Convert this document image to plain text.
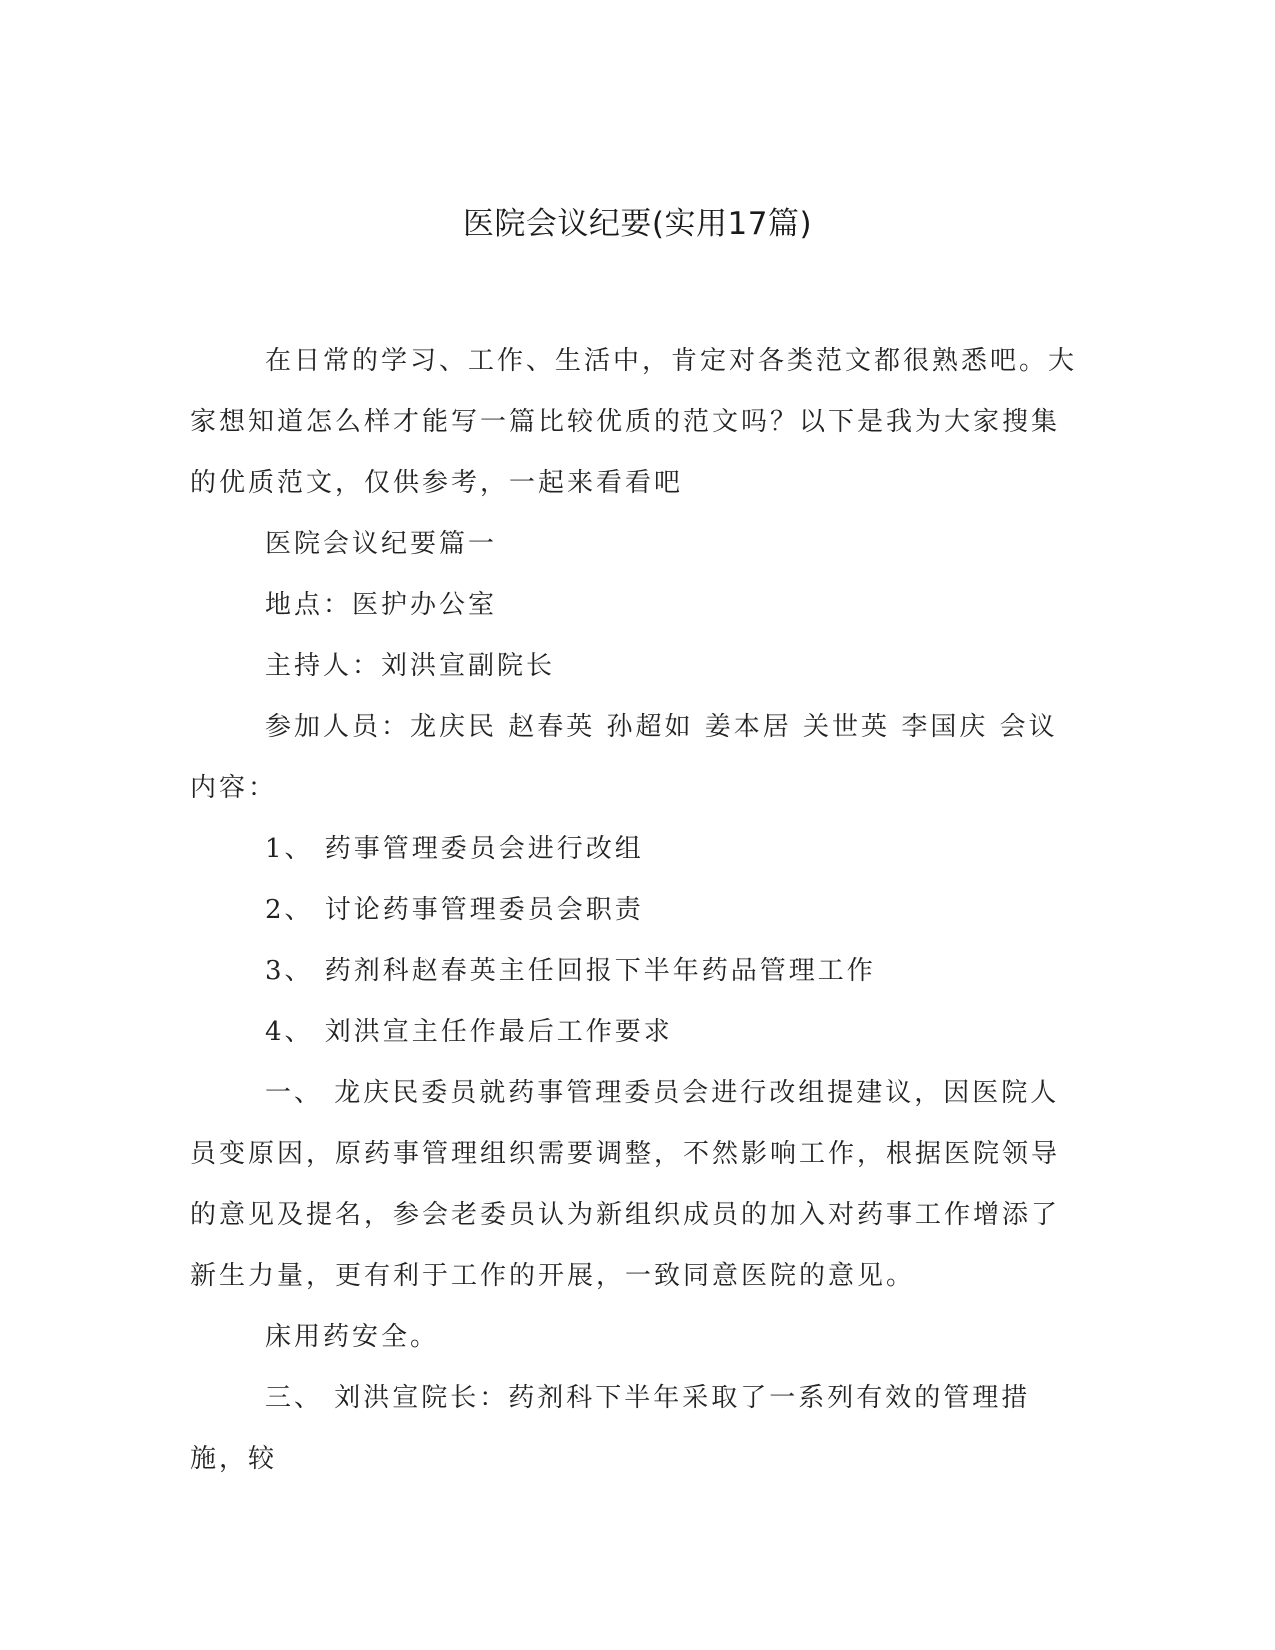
医院会议纪要(实用17篇)

在日常的学习、工作、生活中，肯定对各类范文都很熟悉吧。大家想知道怎么样才能写一篇比较优质的范文吗？以下是我为大家搜集的优质范文，仅供参考，一起来看看吧

医院会议纪要篇一

地点：医护办公室

主持人：刘洪宣副院长

参加人员：龙庆民 赵春英 孙超如 姜本居 关世英 李国庆 会议内容：

1、 药事管理委员会进行改组

2、 讨论药事管理委员会职责

3、 药剂科赵春英主任回报下半年药品管理工作

4、 刘洪宣主任作最后工作要求

一、 龙庆民委员就药事管理委员会进行改组提建议，因医院人员变原因，原药事管理组织需要调整，不然影响工作，根据医院领导的意见及提名，参会老委员认为新组织成员的加入对药事工作增添了新生力量，更有利于工作的开展，一致同意医院的意见。

床用药安全。

三、 刘洪宣院长：药剂科下半年采取了一系列有效的管理措施，较
